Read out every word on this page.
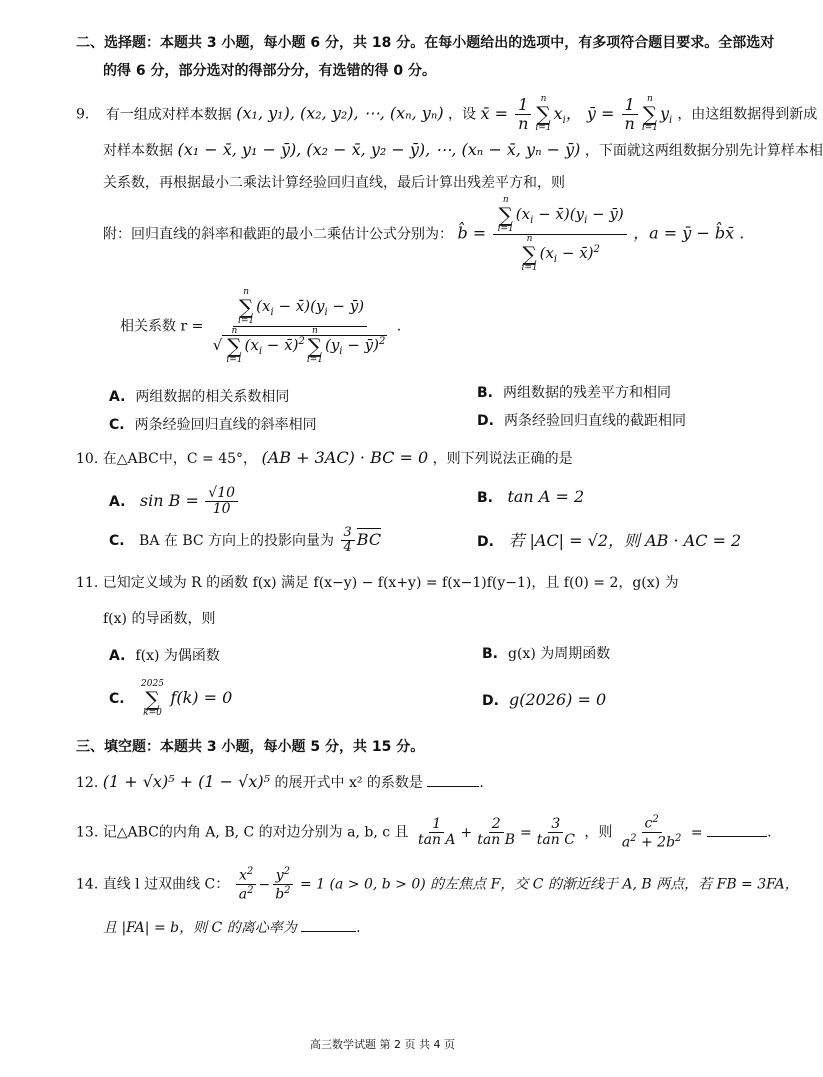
二、选择题：本题共 3 小题，每小题 6 分，共 18 分。在每小题给出的选项中，有多项符合题目要求。全部选对
的得 6 分，部分选对的得部分分，有选错的得 0 分。
9. 有一组成对样本数据 (x₁, y₁), (x₂, y₂), ⋯, (xₙ, yₙ) ，设 x̄ = $\frac{1}{n}$ n
∑
i=1
$x_i$， ȳ = $\frac{1}{n}$ n
∑
i=1
$y_i$ ，由这组数据得到新成
对样本数据 (x₁ − x̄, y₁ − ȳ), (x₂ − x̄, y₂ − ȳ), ⋯, (xₙ − x̄, yₙ − ȳ) ，下面就这两组数据分别先计算样本相
关系数，再根据最小二乘法计算经验回归直线，最后计算出残差平方和，则
附：回归直线的斜率和截距的最小二乘估计公式分别为： b̂ = n
∑
i=1
($x_i$ − $x̄)(y_i$ − ȳ)
n
∑
i=1
($x_i$ − x̄)$^2$ ，a = ȳ − b̂x̄ .
相关系数 r = n
∑
i=1
($x_i$ − $x̄)(y_i$ − ȳ)
√
n
∑
i=1
($x_i$ − x̄)$^2$
n
∑
i=1
($y_i$ − ȳ)$^2$ .
A. 两组数据的相关系数相同	B. 两组数据的残差平方和相同
C. 两条经验回归直线的斜率相同	D. 两条经验回归直线的截距相同
10. 在△ABC中，C = 45°， (AB + 3AC) · BC = 0 ，则下列说法正确的是
A. $\sin B = \frac{√10}{10}$	B. tan A = 2
C. BA 在 BC 方向上的投影向量为 $\frac{3}{4}$ BC	D. 若 |AC| = √2，则 AB · AC = 2
11. 已知定义域为 R 的函数 f(x) 满足 f(x−y) − f(x+y) = f(x−1)f(y−1)，且 f(0) = 2，g(x) 为
f(x) 的导函数，则
A. f(x) 为偶函数	B. g(x) 为周期函数
C.
2025
∑
k=0
f(k) = 0	D. g(2026) = 0
三、填空题：本题共 3 小题，每小题 5 分，共 15 分。
12. (1 + √x)⁵ + (1 − √x)⁵ 的展开式中 x² 的系数是	.
13. 记△ABC的内角 A, B, C 的对边分别为 a, b, c 且 $\frac{1}{\text{tan A}} + \frac{2}{\text{tan B}} = \frac{3}{\text{tan C}}$ ，则 $\frac{c^2}{a^2 + 2b^2}$ =	.
14. 直线 l 过双曲线 C： $\frac{x^2}{a^2} - \frac{y^2}{b^2} = 1$ (a > 0, b > 0) 的左焦点 F，交 C 的渐近线于 A, B 两点，若 FB = 3FA，
且 |FA| = b，则 C 的离心率为	.
高三数学试题 第 2 页 共 4 页
